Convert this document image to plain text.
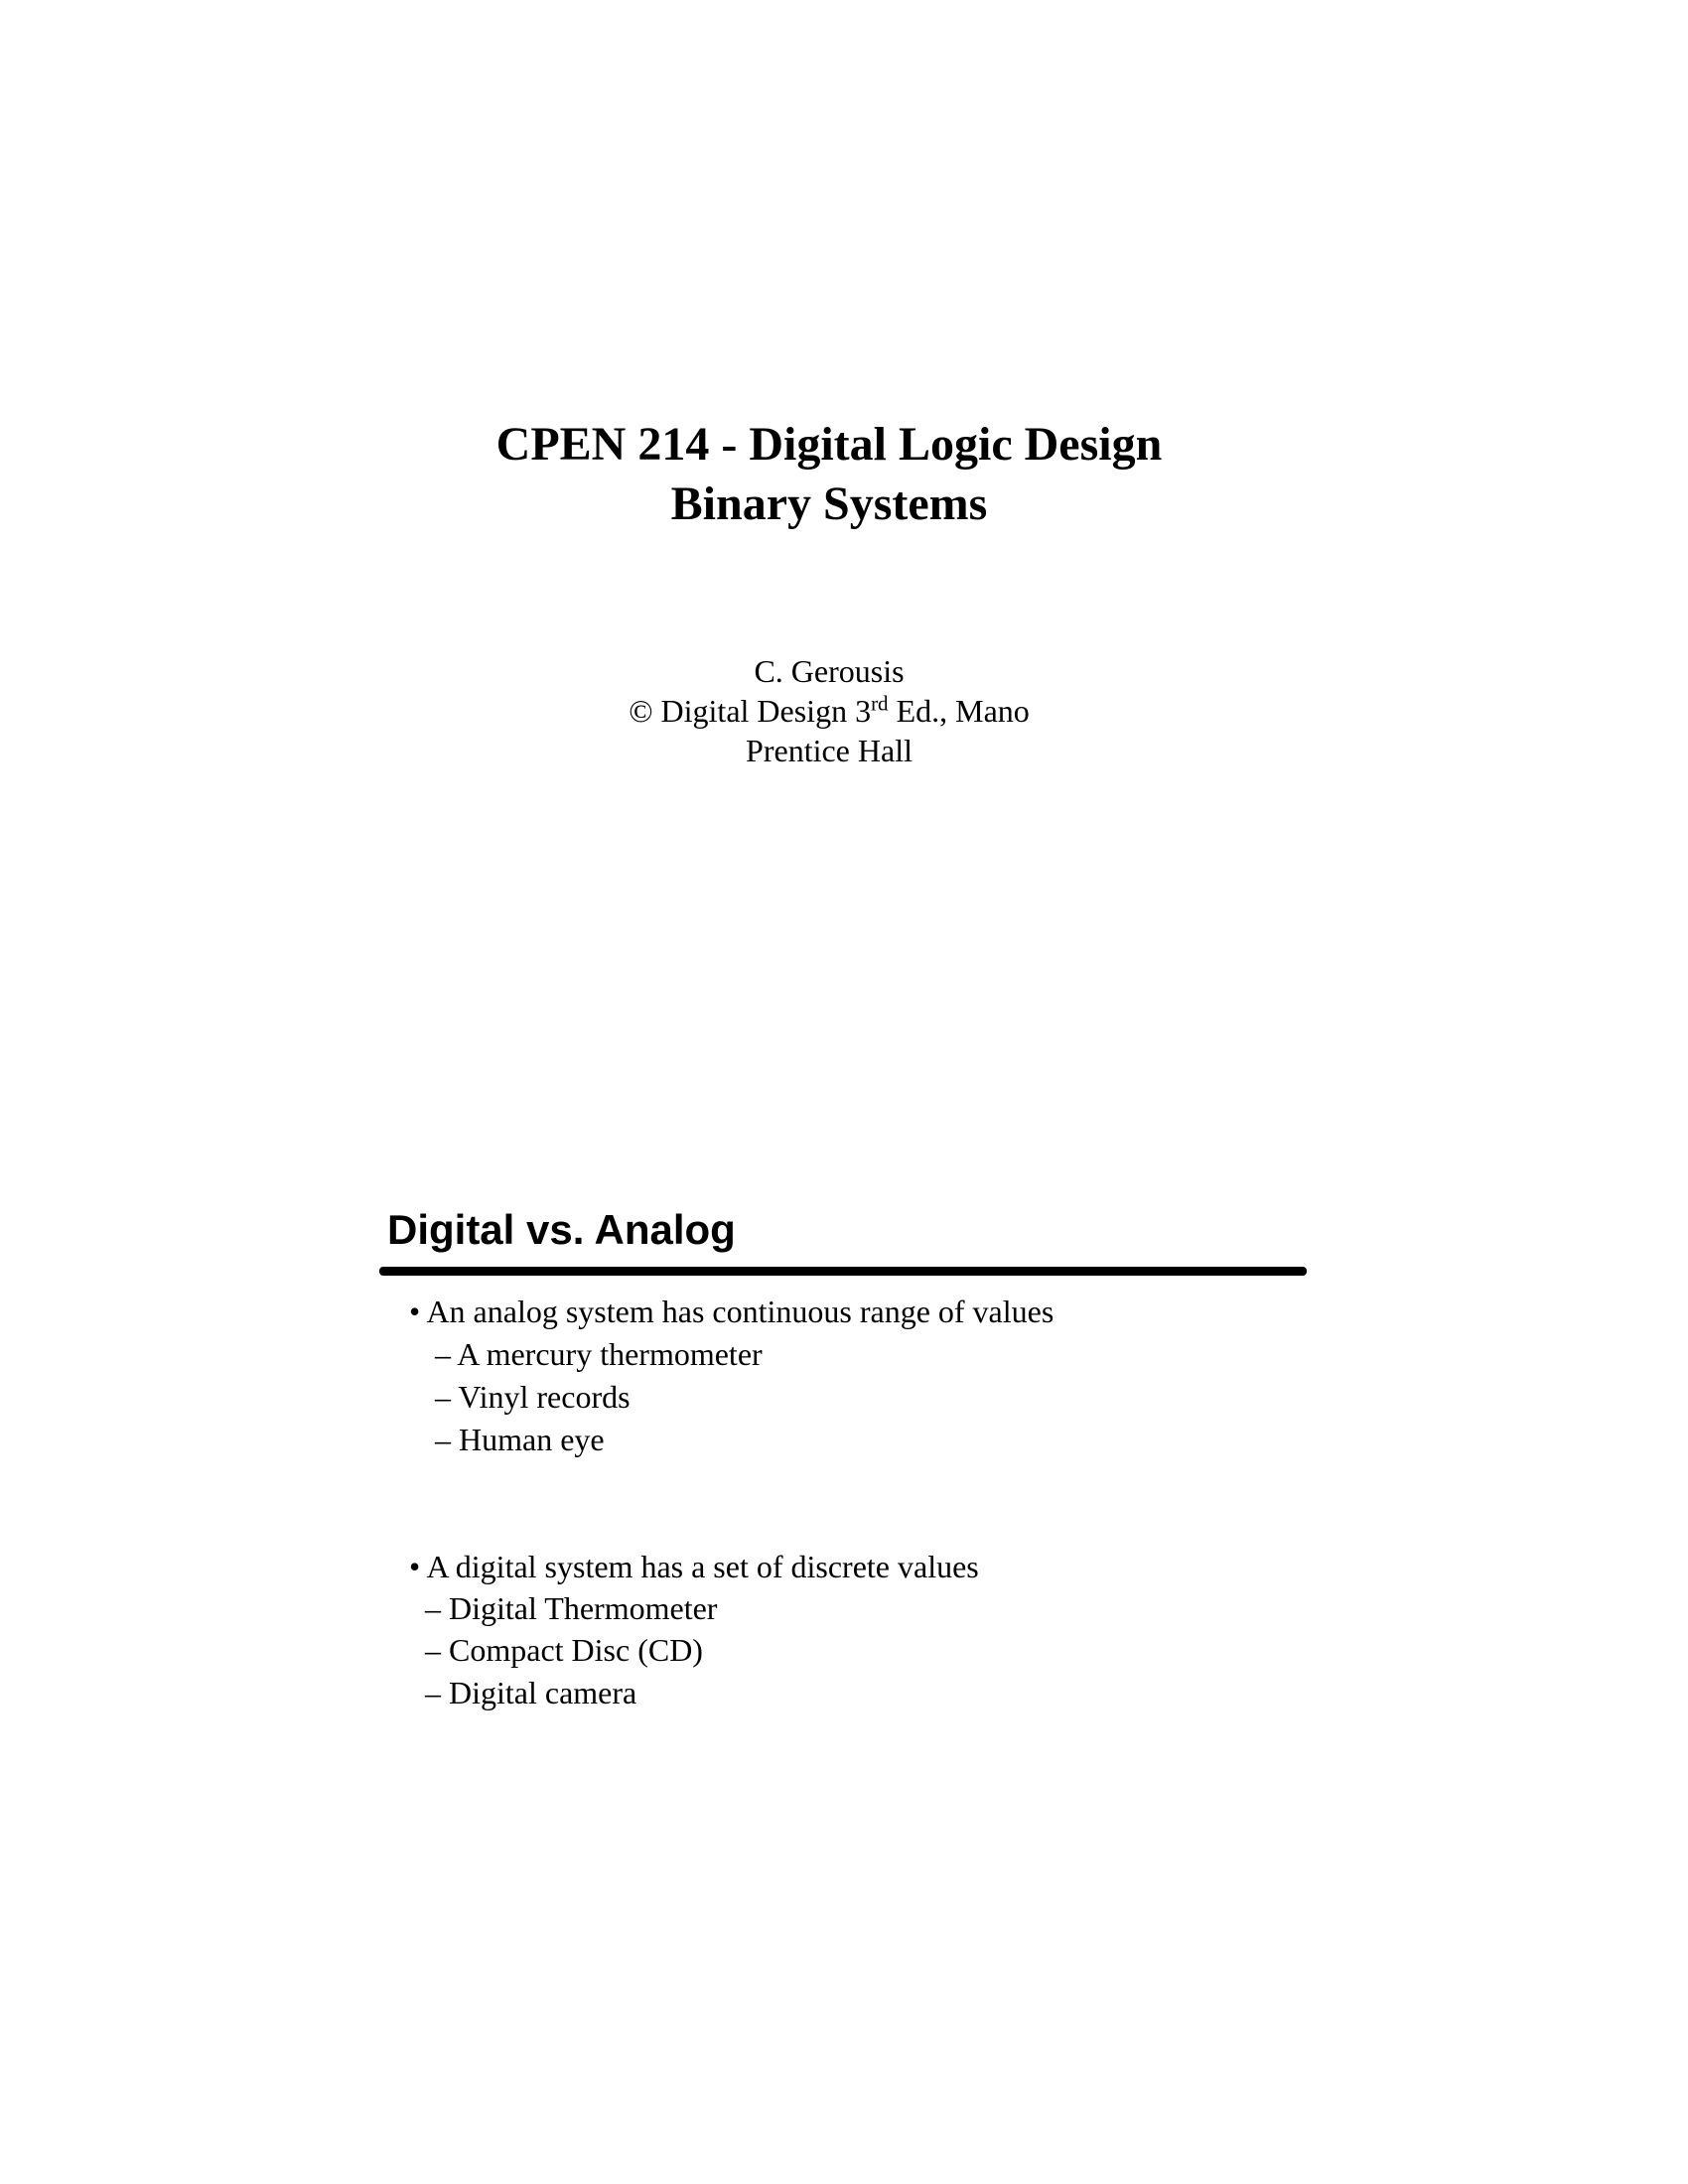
CPEN 214 - Digital Logic Design
Binary Systems
C. Gerousis
© Digital Design 3rd Ed., Mano
Prentice Hall
Digital vs. Analog
• An analog system has continuous range of values
– A mercury thermometer
– Vinyl records
– Human eye
• A digital system has a set of discrete values
– Digital Thermometer
– Compact Disc (CD)
– Digital camera
